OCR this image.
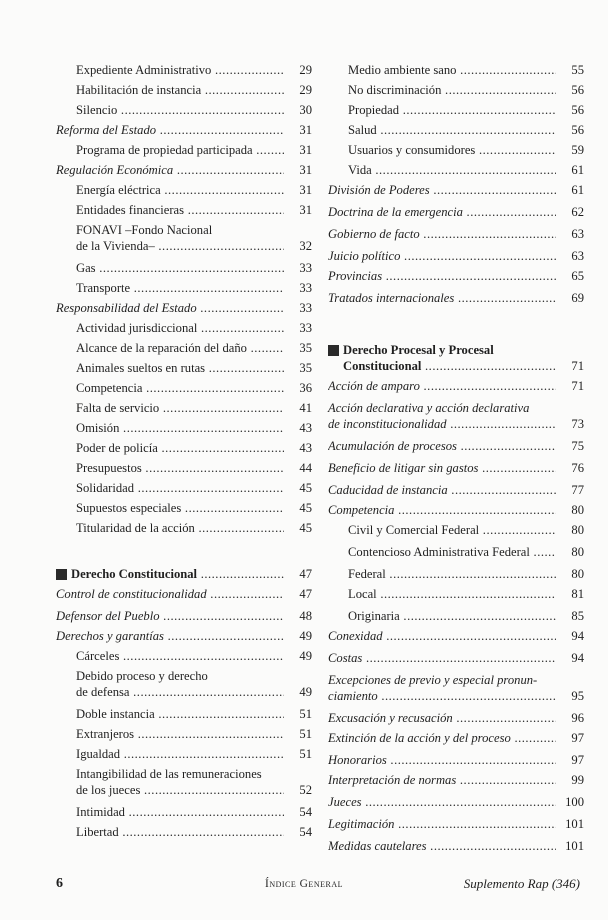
Expediente Administrativo .....	29
Habilitación de instancia .....	29
Silencio .....	30
Reforma del Estado .....	31
Programa de propiedad participada .....	31
Regulación Económica .....	31
Energía eléctrica .....	31
Entidades financieras .....	31
FONAVI –Fondo Nacional
de la Vivienda– .....	32
Gas .....	33
Transporte .....	33
Responsabilidad del Estado .....	33
Actividad jurisdiccional .....	33
Alcance de la reparación del daño .....	35
Animales sueltos en rutas .....	35
Competencia .....	36
Falta de servicio .....	41
Omisión .....	43
Poder de policía .....	43
Presupuestos .....	44
Solidaridad .....	45
Supuestos especiales .....	45
Titularidad de la acción .....	45
Derecho Constitucional .....	47
Control de constitucionalidad .....	47
Defensor del Pueblo .....	48
Derechos y garantías .....	49
Cárceles .....	49
Debido proceso y derecho
de defensa .....	49
Doble instancia .....	51
Extranjeros .....	51
Igualdad .....	51
Intangibilidad de las remuneraciones
de los jueces .....	52
Intimidad .....	54
Libertad .....	54
Medio ambiente sano .....	55
No discriminación .....	56
Propiedad .....	56
Salud .....	56
Usuarios y consumidores .....	59
Vida .....	61
División de Poderes .....	61
Doctrina de la emergencia .....	62
Gobierno de facto .....	63
Juicio político .....	63
Provincias .....	65
Tratados internacionales .....	69
Derecho Procesal y Procesal
Constitucional .....	71
Acción de amparo .....	71
Acción declarativa y acción declarativa
de inconstitucionalidad .....	73
Acumulación de procesos .....	75
Beneficio de litigar sin gastos .....	76
Caducidad de instancia .....	77
Competencia .....	80
Civil y Comercial Federal .....	80
Contencioso Administrativa Federal .....	80
Federal .....	80
Local .....	81
Originaria .....	85
Conexidad .....	94
Costas .....	94
Excepciones de previo y especial pronun-
ciamiento .....	95
Excusación y recusación .....	96
Extinción de la acción y del proceso .....	97
Honorarios .....	97
Interpretación de normas .....	99
Jueces .....	100
Legitimación .....	101
Medidas cautelares .....	101
6	Índice General	Suplemento Rap (346)
